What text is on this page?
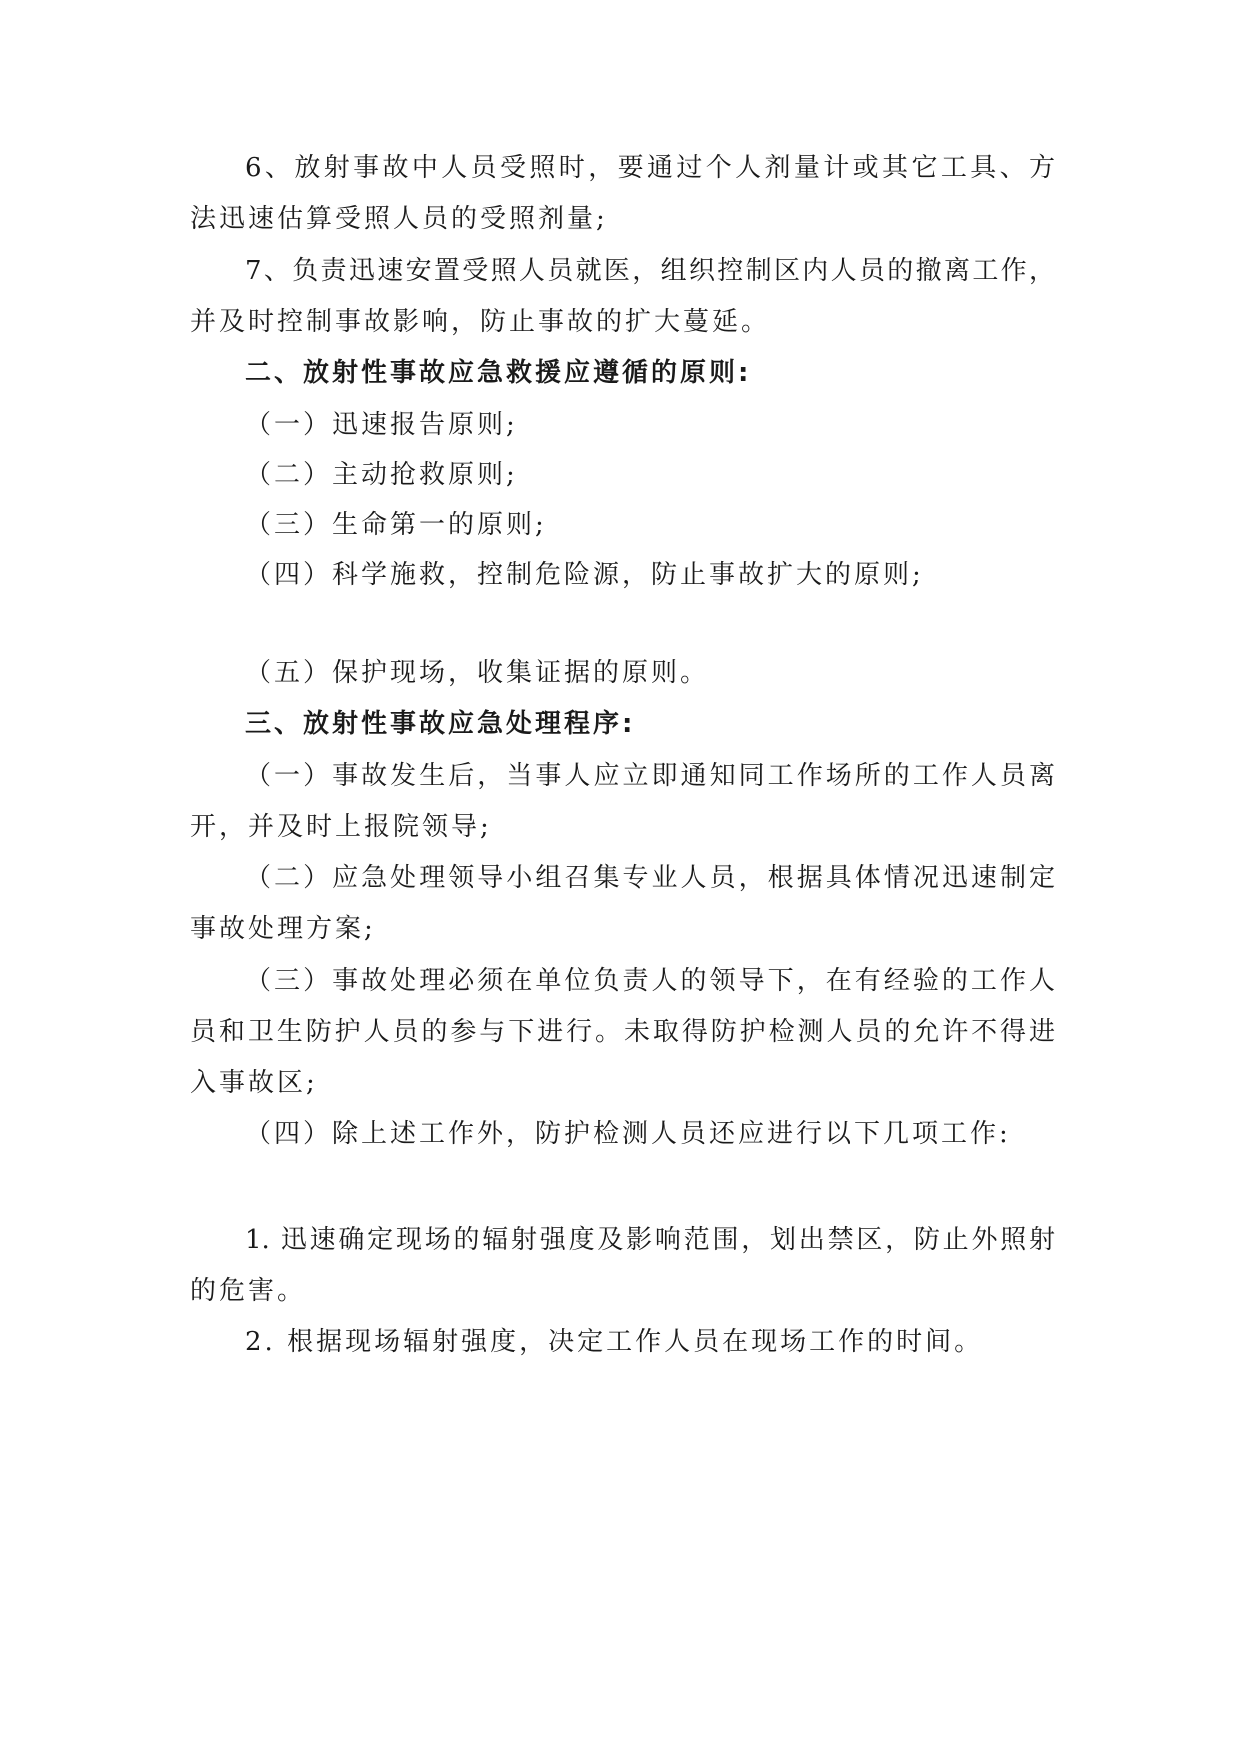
6、放射事故中人员受照时，要通过个人剂量计或其它工具、方

法迅速估算受照人员的受照剂量;

7、负责迅速安置受照人员就医，组织控制区内人员的撤离工作，

并及时控制事故影响，防止事故的扩大蔓延。

二、放射性事故应急救援应遵循的原则:

（一）迅速报告原则;

（二）主动抢救原则;

（三）生命第一的原则;

（四）科学施救，控制危险源，防止事故扩大的原则;

（五）保护现场，收集证据的原则。

三、放射性事故应急处理程序:

（一）事故发生后，当事人应立即通知同工作场所的工作人员离

开，并及时上报院领导;

（二）应急处理领导小组召集专业人员，根据具体情况迅速制定

事故处理方案;

（三）事故处理必须在单位负责人的领导下，在有经验的工作人

员和卫生防护人员的参与下进行。未取得防护检测人员的允许不得进

入事故区;

（四）除上述工作外，防护检测人员还应进行以下几项工作:

1. 迅速确定现场的辐射强度及影响范围，划出禁区，防止外照射

的危害。

2. 根据现场辐射强度，决定工作人员在现场工作的时间。
